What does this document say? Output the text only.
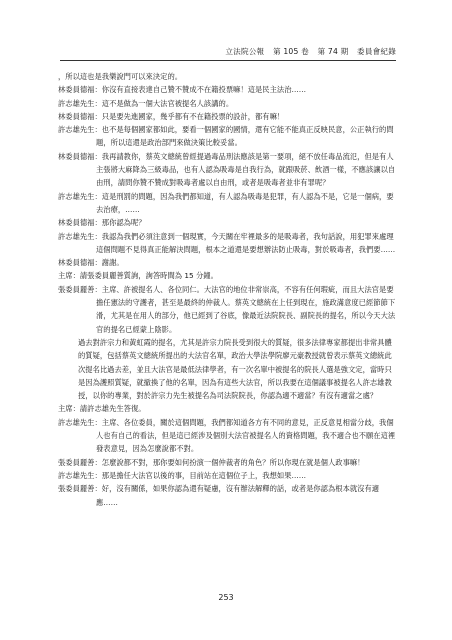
立法院公報 第 105 卷 第 74 期 委員會紀錄

，所以這也是我樂說門可以來決定的。

林委員德福：你沒有直接表達自己贊不贊成不在籍投票嘛！這是民主法治……

許志雄先生：這不是做為一個大法官被提名人該講的。

林委員德福：只是要先進國家，幾乎都有不在籍投票的設計，都有嘛！

許志雄先生：也不是每個國家都如此，要看一個國家的國情，還有它能不能真正反映民意，公正執行的問題，所以這還是政治部門來做決策比較妥當。

林委員德福：我再請教你，蔡英文總統曾經提過毒品刑法應該是第一要項，絕不放任毒品流氾，但是有人主張將大麻降為三級毒品，也有人認為吸毒是自我行為，就跟吸菸、飲酒一樣，不應該讓以自由刑，請問你贊不贊成對吸毒者處以自由刑，或者是吸毒者並非有罪呢？

許志雄先生：這是刑罰的問題，因為我們都知道，有人認為吸毒是犯罪，有人認為不是，它是一個病，要去治療，……

林委員德福：那你認為呢？

許志雄先生：我認為我們必須注意到一個現實，今天關在牢裡最多的是吸毒者，我句話說，用犯罪來處理這個問題不見得真正能解決問題，根本之道還是要想辦法防止吸毒，對於吸毒者，我們要……

林委員德福：謝謝。

主席：請張委員麗善質詢，詢答時間為 15 分鐘。

張委員麗善：主席、許被提名人、各位同仁。大法官的地位非常崇高，不容有任何瑕疵，而且大法官是要擔任憲法的守護者，甚至是最終的仲裁人。蔡英文總統在上任到現在，施政滿意度已經節節下滑，尤其是在用人的部分，他已經到了谷底，像最近法院院長、副院長的提名，所以今天大法官的提名已經蒙上陰影。

過去對許宗力和黃虹霞的提名，尤其是許宗力院長受到很大的質疑，很多法律專家都提出非常具體的質疑，包括蔡英文總統所提出的大法官名單，政治大學法學院廖元豪教授就曾表示蔡英文總統此次提名比過去差，並且大法官是最低法律學者，有一次名單中被提名的院長人選是強文定，當時只是因為護照質疑，就撤換了他的名單，因為有這些大法官，所以我要在這個議事被提名人許志雄教授，以你的專業，對於許宗力先生被提名為司法院院長，你認為適不適當？有沒有適當之處？

主席：請許志雄先生答復。

許志雄先生：主席、各位委員，關於這個問題，我們都知道各方有不同的意見，正反意見相當分歧，我個人也有自己的看法，但是這已經涉及個別大法官被提名人的資格問題，我不適合也不願在這裡發表意見，因為怎麼說都不對。

張委員麗善：怎麼說都不對，那你要如何扮演一個仲裁者的角色？所以你現在就是個人政事嘛！

許志雄先生：那是擔任大法官以後的事，目前站在這個位子上，我想如果……

張委員麗善：好，沒有關係，如果你認為還有疑慮，沒有辦法解釋的話，或者是你認為根本就沒有適應……

253
